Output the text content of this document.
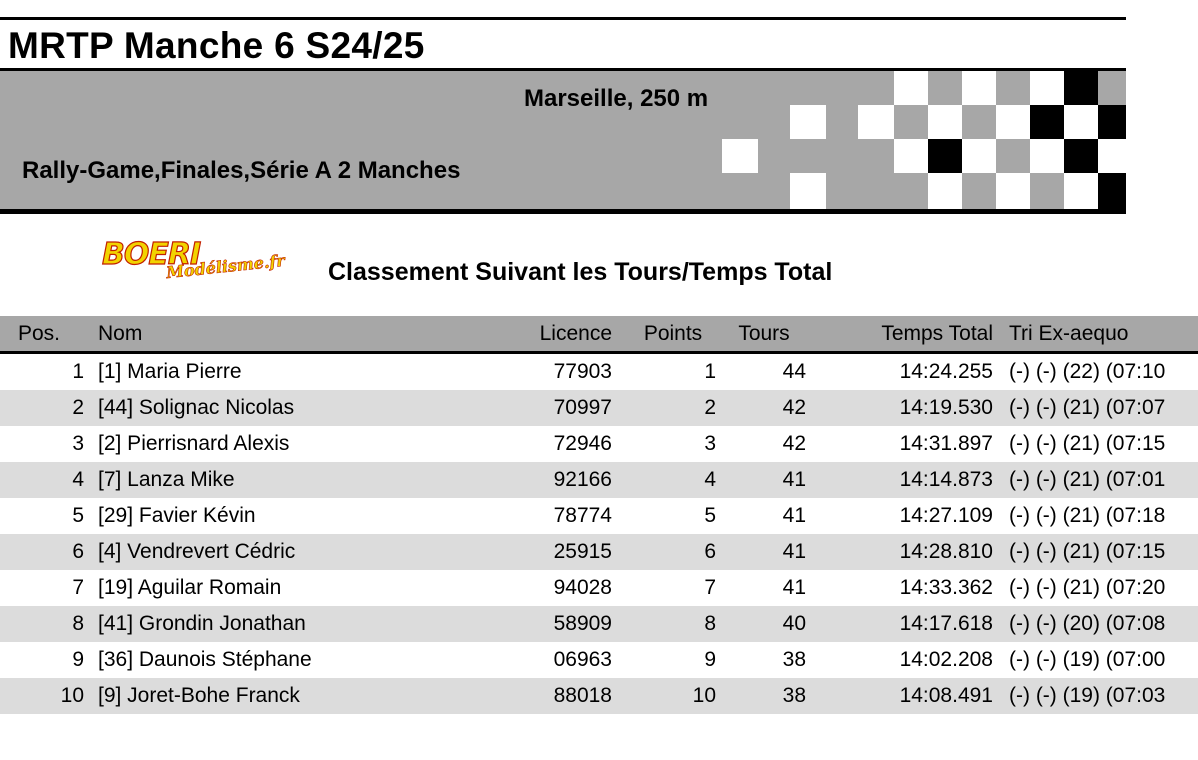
MRTP Manche 6 S24/25
Marseille, 250 m
Rally-Game,Finales,Série A 2 Manches
BOERI
Modélisme.fr Classement Suivant les Tours/Temps Total
Pos.	Nom	Licence	Points	Tours	Temps Total	Tri Ex-aequo
1	[1] Maria Pierre	77903	1	44	14:24.255	(-) (-) (22) (07:10
2	[44] Solignac Nicolas	70997	2	42	14:19.530	(-) (-) (21) (07:07
3	[2] Pierrisnard Alexis	72946	3	42	14:31.897	(-) (-) (21) (07:15
4	[7] Lanza Mike	92166	4	41	14:14.873	(-) (-) (21) (07:01
5	[29] Favier Kévin	78774	5	41	14:27.109	(-) (-) (21) (07:18
6	[4] Vendrevert Cédric	25915	6	41	14:28.810	(-) (-) (21) (07:15
7	[19] Aguilar Romain	94028	7	41	14:33.362	(-) (-) (21) (07:20
8	[41] Grondin Jonathan	58909	8	40	14:17.618	(-) (-) (20) (07:08
9	[36] Daunois Stéphane	06963	9	38	14:02.208	(-) (-) (19) (07:00
10	[9] Joret-Bohe Franck	88018	10	38	14:08.491	(-) (-) (19) (07:03
